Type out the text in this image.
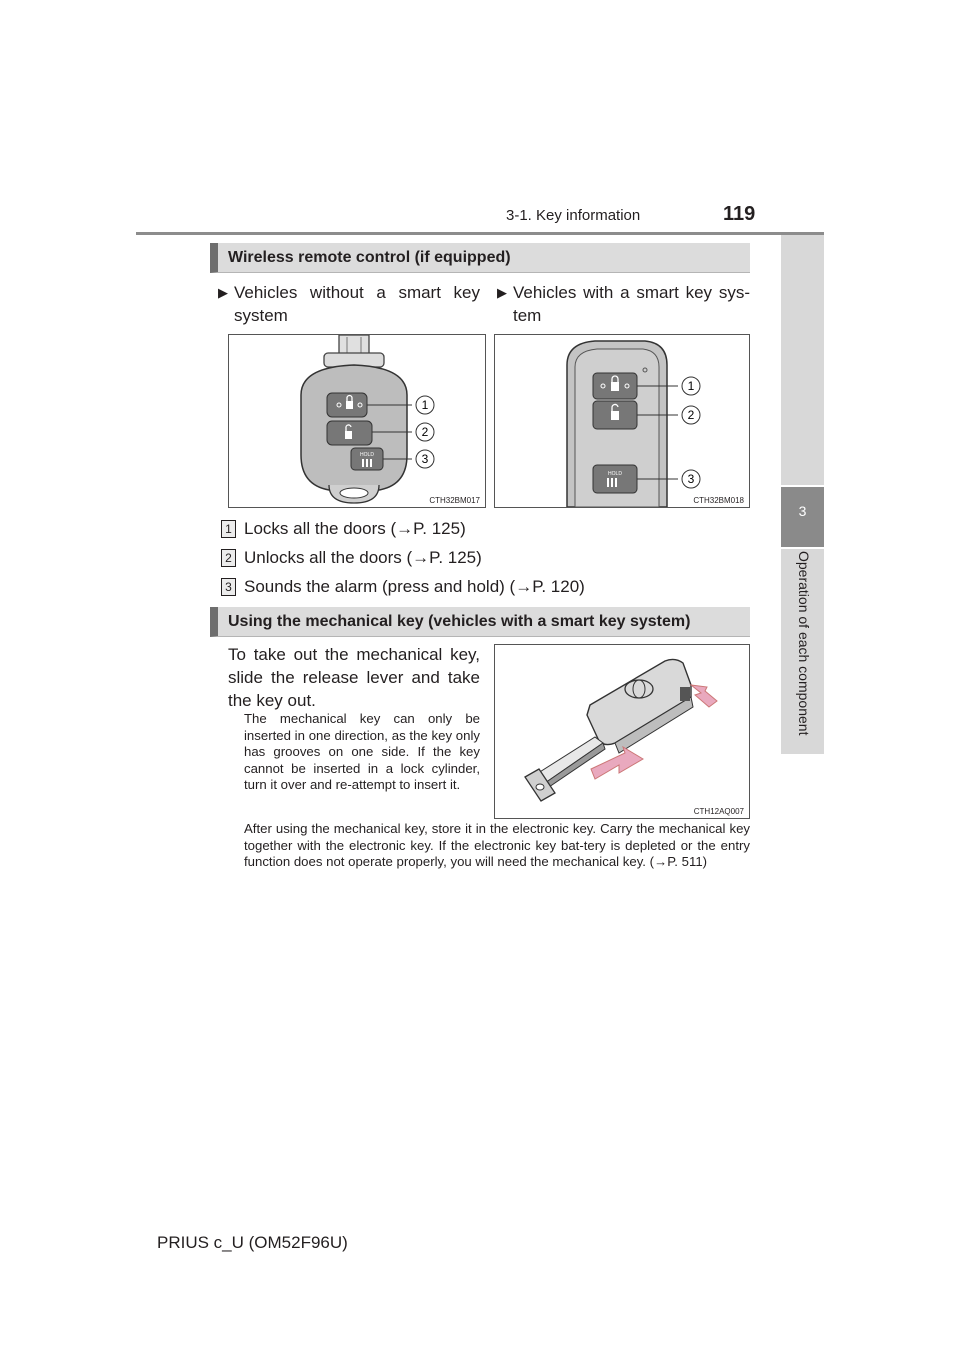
3-1. Key information	119
3
Operation of each component
Wireless remote control (if equipped)
▶ Vehicles without a smart key system
▶ Vehicles with a smart key sys-tem
HOLD
1
2
3
CTH32BM017
HOLD
1
2
3
CTH32BM018
1 Locks all the doors (→P. 125)
2 Unlocks all the doors (→P. 125)
3 Sounds the alarm (press and hold) (→P. 120)
Using the mechanical key (vehicles with a smart key system)
To take out the mechanical key, slide the release lever and take the key out.
The mechanical key can only be inserted in one direction, as the key only has grooves on one side. If the key cannot be inserted in a lock cylinder, turn it over and re-attempt to insert it.
CTH12AQ007
After using the mechanical key, store it in the electronic key. Carry the mechanical key together with the electronic key. If the electronic key bat-tery is depleted or the entry function does not operate properly, you will need the mechanical key. (→P. 511)
PRIUS c_U (OM52F96U)
